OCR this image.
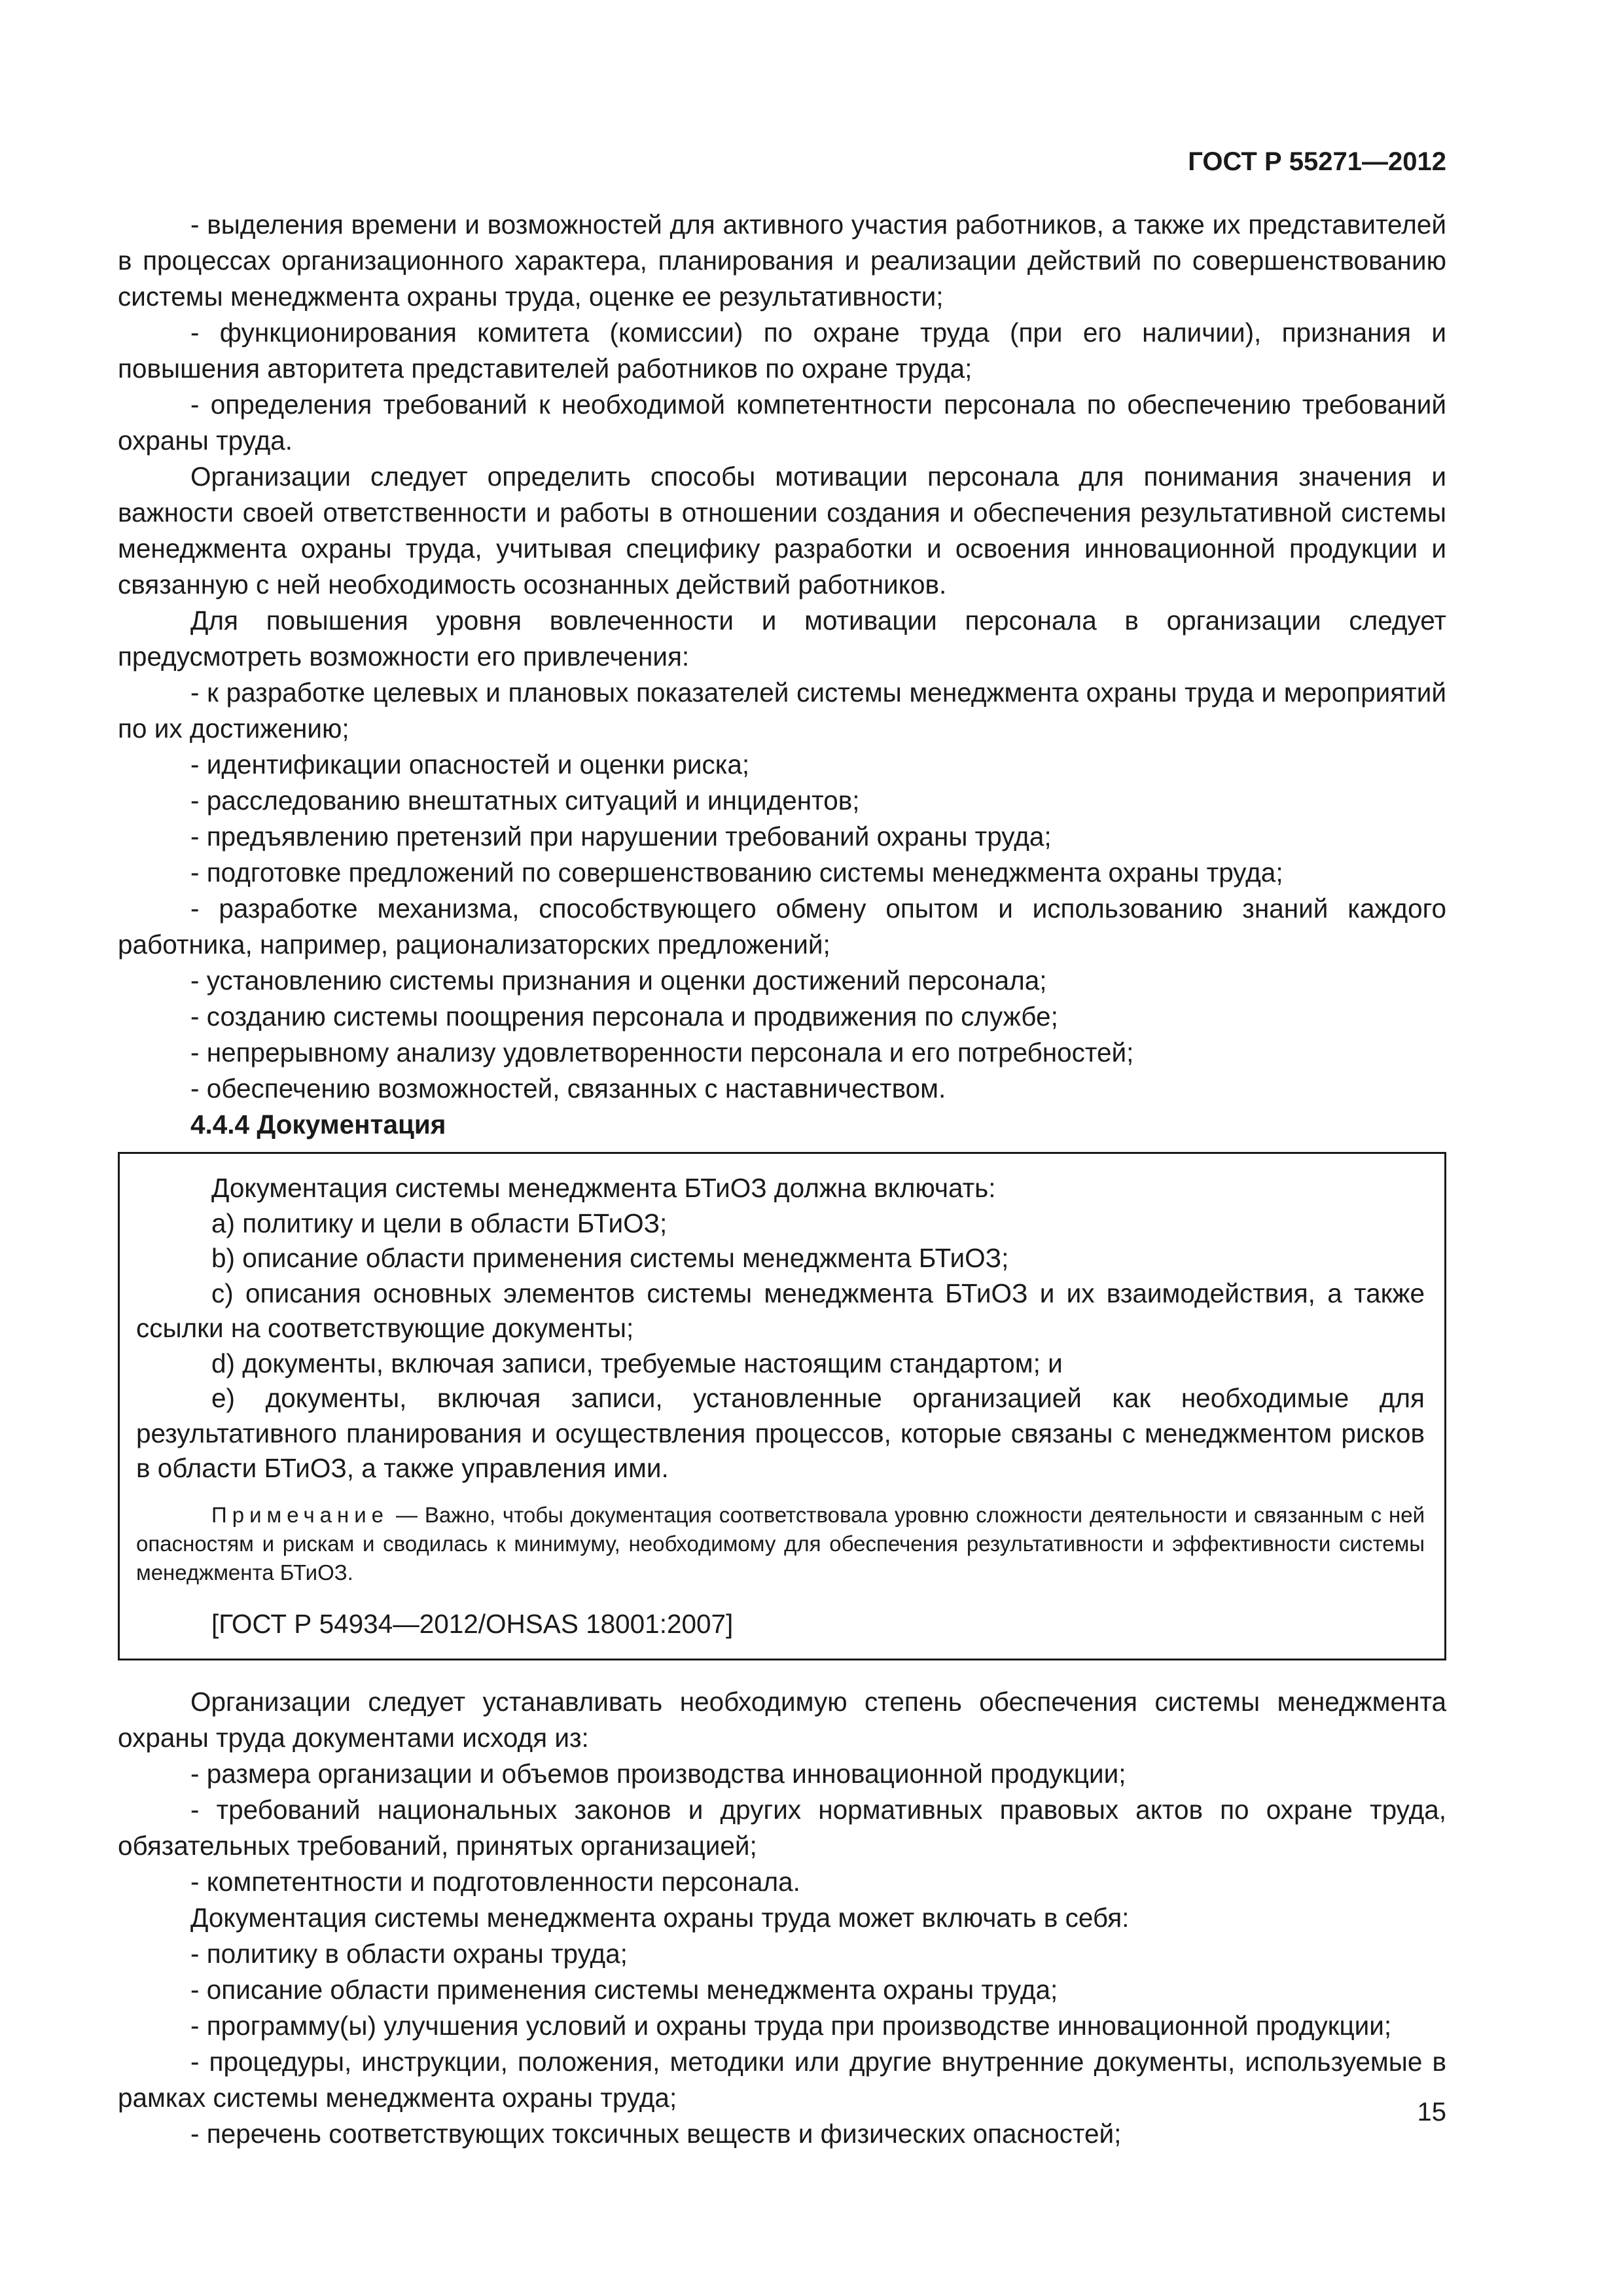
ГОСТ Р 55271—2012

- выделения времени и возможностей для активного участия работников, а также их представителей в процессах организационного характера, планирования и реализации действий по совершенствованию системы менеджмента охраны труда, оценке ее результативности;

- функционирования комитета (комиссии) по охране труда (при его наличии), признания и повышения авторитета представителей работников по охране труда;

- определения требований к необходимой компетентности персонала по обеспечению требований охраны труда.

Организации следует определить способы мотивации персонала для понимания значения и важности своей ответственности и работы в отношении создания и обеспечения результативной системы менеджмента охраны труда, учитывая специфику разработки и освоения инновационной продукции и связанную с ней необходимость осознанных действий работников.

Для повышения уровня вовлеченности и мотивации персонала в организации следует предусмотреть возможности его привлечения:

- к разработке целевых и плановых показателей системы менеджмента охраны труда и мероприятий по их достижению;

- идентификации опасностей и оценки риска;

- расследованию внештатных ситуаций и инцидентов;

- предъявлению претензий при нарушении требований охраны труда;

- подготовке предложений по совершенствованию системы менеджмента охраны труда;

- разработке механизма, способствующего обмену опытом и использованию знаний каждого работника, например, рационализаторских предложений;

- установлению системы признания и оценки достижений персонала;

- созданию системы поощрения персонала и продвижения по службе;

- непрерывному анализу удовлетворенности персонала и его потребностей;

- обеспечению возможностей, связанных с наставничеством.

4.4.4 Документация

Документация системы менеджмента БТиОЗ должна включать:

a) политику и цели в области БТиОЗ;

b) описание области применения системы менеджмента БТиОЗ;

c) описания основных элементов системы менеджмента БТиОЗ и их взаимодействия, а также ссылки на соответствующие документы;

d) документы, включая записи, требуемые настоящим стандартом; и

e) документы, включая записи, установленные организацией как необходимые для результативного планирования и осуществления процессов, которые связаны с менеджментом рисков в области БТиОЗ, а также управления ими.

Примечание — Важно, чтобы документация соответствовала уровню сложности деятельности и связанным с ней опасностям и рискам и сводилась к минимуму, необходимому для обеспечения результативности и эффективности системы менеджмента БТиОЗ.

[ГОСТ Р 54934—2012/OHSAS 18001:2007]

Организации следует устанавливать необходимую степень обеспечения системы менеджмента охраны труда документами исходя из:

- размера организации и объемов производства инновационной продукции;

- требований национальных законов и других нормативных правовых актов по охране труда, обязательных требований, принятых организацией;

- компетентности и подготовленности персонала.

Документация системы менеджмента охраны труда может включать в себя:

- политику в области охраны труда;

- описание области применения системы менеджмента охраны труда;

- программу(ы) улучшения условий и охраны труда при производстве инновационной продукции;

- процедуры, инструкции, положения, методики или другие внутренние документы, используемые в рамках системы менеджмента охраны труда;

- перечень соответствующих токсичных веществ и физических опасностей;

15
